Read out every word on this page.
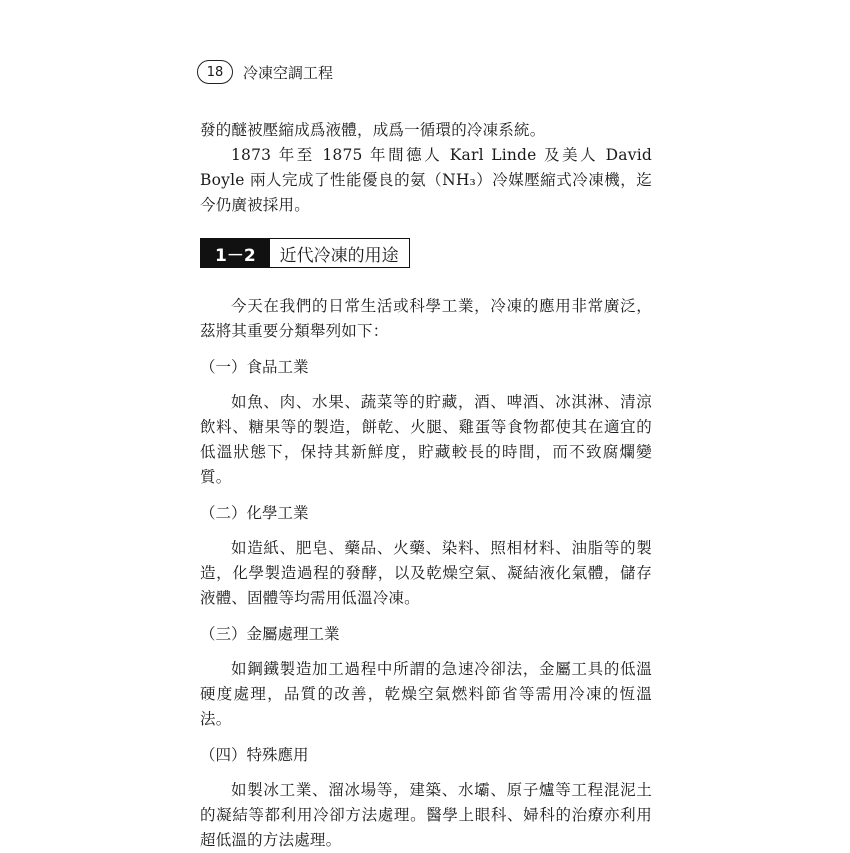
18	冷凍空調工程

發的醚被壓縮成爲液體，成爲一循環的冷凍系統。

1873 年至 1875 年間德人 Karl Linde 及美人 David Boyle 兩人完成了性能優良的氨（NH₃）冷媒壓縮式冷凍機，迄今仍廣被採用。

1－2	近代冷凍的用途

今天在我們的日常生活或科學工業，冷凍的應用非常廣泛，茲將其重要分類舉列如下：

（一）食品工業

如魚、肉、水果、蔬菜等的貯藏，酒、啤酒、冰淇淋、清涼飲料、糖果等的製造，餅乾、火腿、雞蛋等食物都使其在適宜的低溫狀態下，保持其新鮮度，貯藏較長的時間，而不致腐爛變質。

（二）化學工業

如造紙、肥皂、藥品、火藥、染料、照相材料、油脂等的製造，化學製造過程的發酵，以及乾燥空氣、凝結液化氣體，儲存液體、固體等均需用低溫冷凍。

（三）金屬處理工業

如鋼鐵製造加工過程中所謂的急速冷卻法，金屬工具的低溫硬度處理，品質的改善，乾燥空氣燃料節省等需用冷凍的恆溫法。

（四）特殊應用

如製冰工業、溜冰場等，建築、水壩、原子爐等工程混泥土的凝結等都利用冷卻方法處理。醫學上眼科、婦科的治療亦利用超低溫的方法處理。
